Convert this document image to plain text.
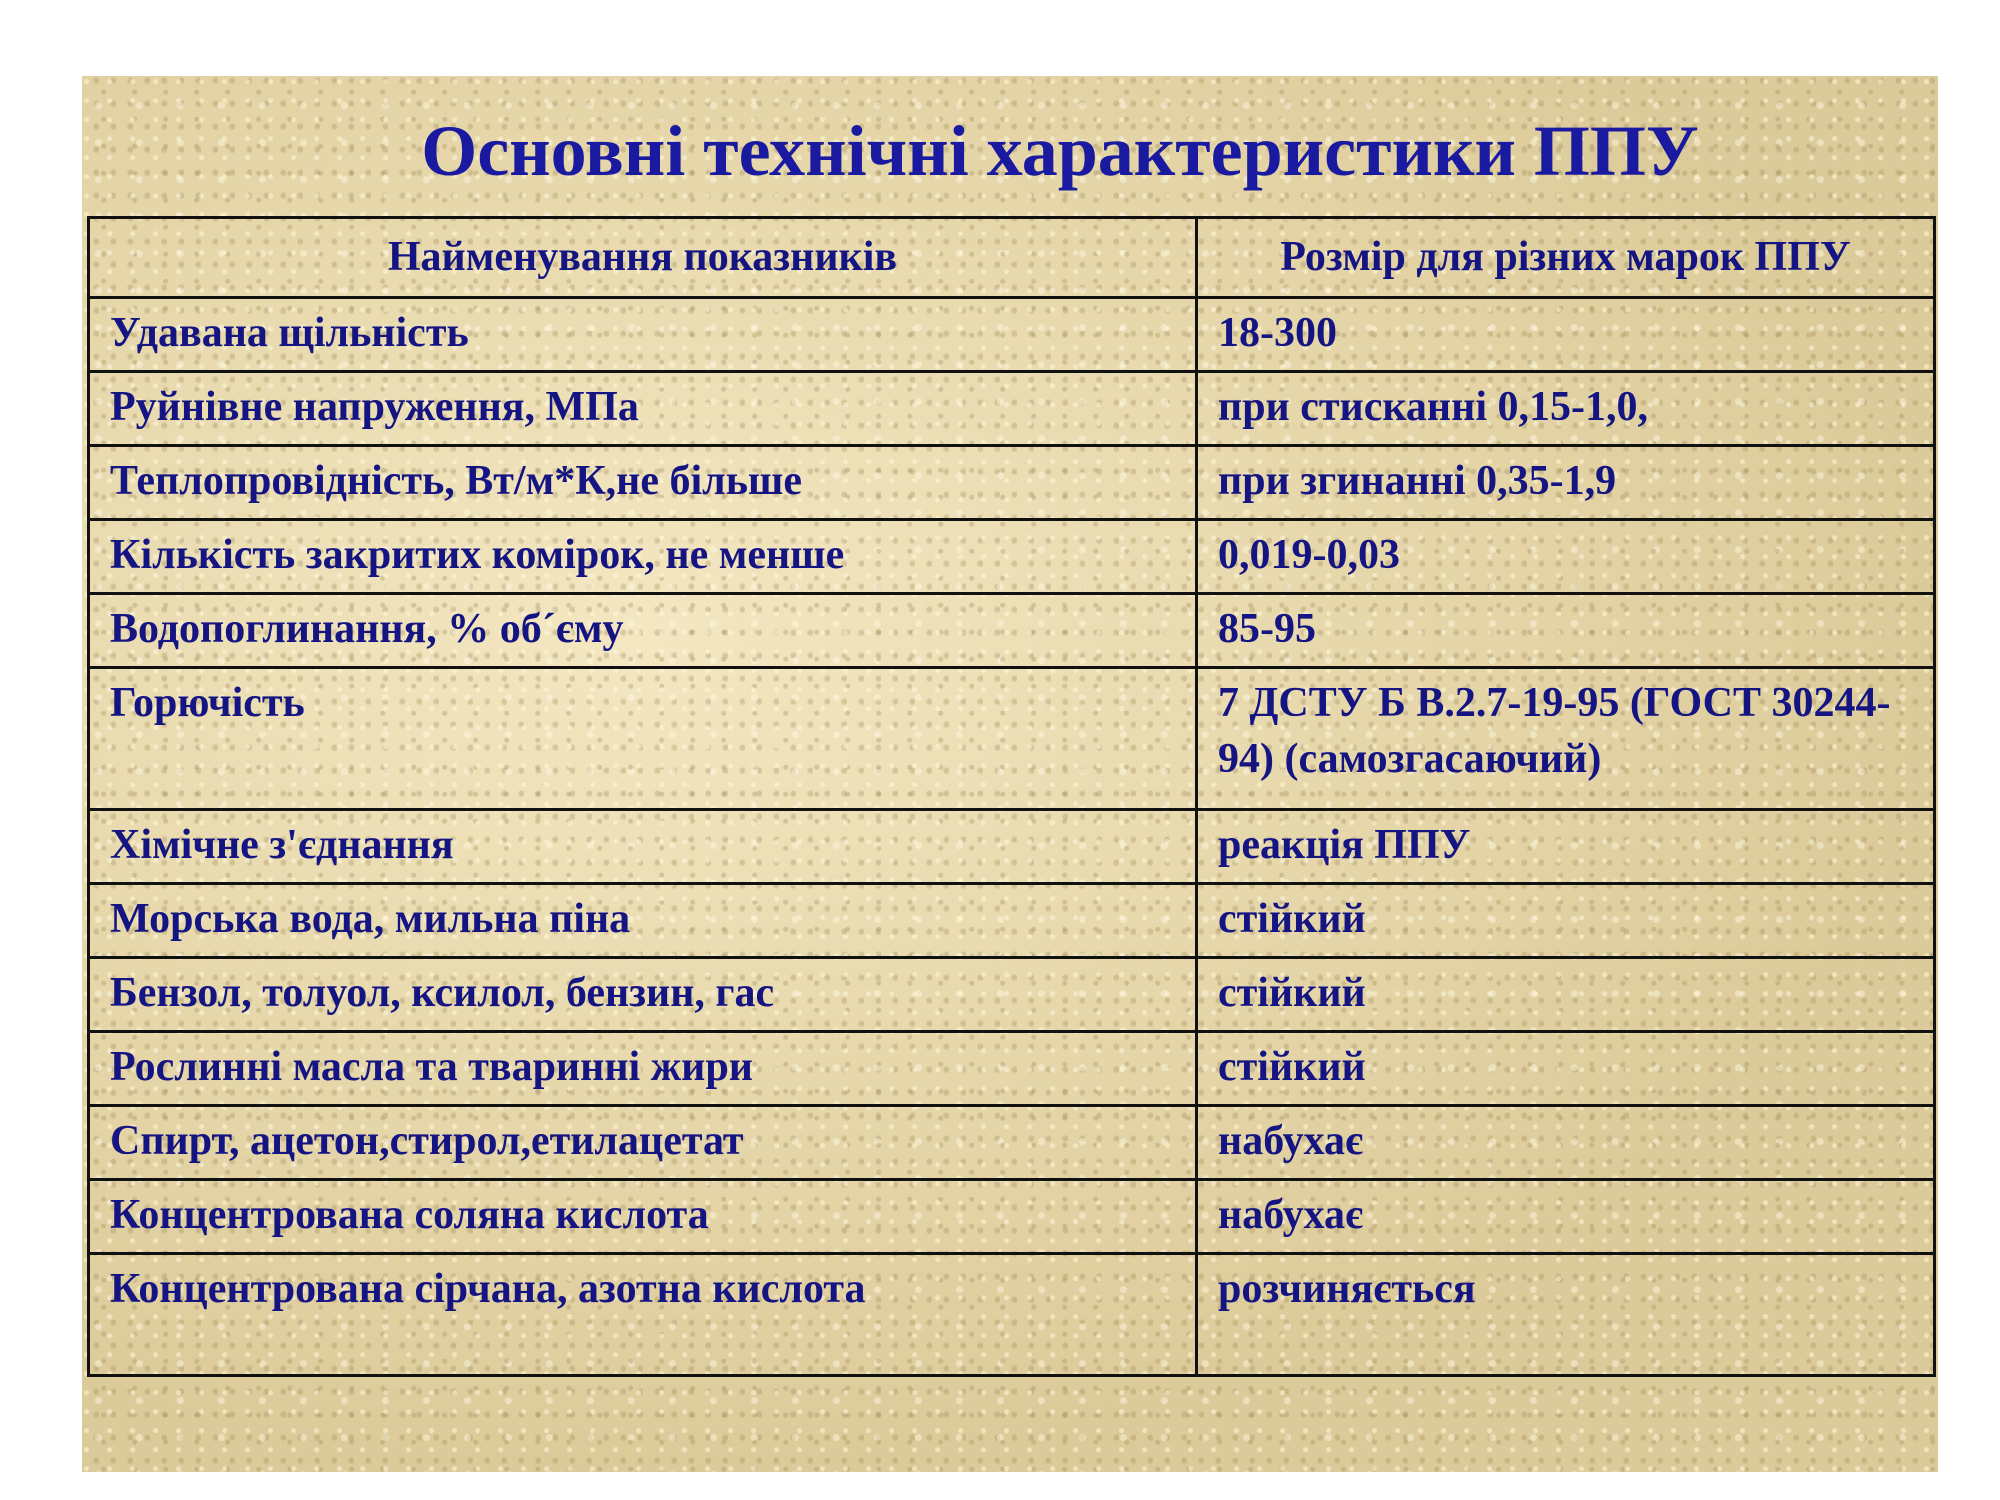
Основні технічні характеристики ППУ
Найменування показників	Розмір для різних марок ППУ
Удавана щільність	18-300
Руйнівне напруження, МПа	при стисканні 0,15-1,0,
Теплопровідність, Вт/м*К,не більше	при згинанні 0,35-1,9
Кількість закритих комірок, не менше	0,019-0,03
Водопоглинання, % об´єму	85-95
Горючість	7 ДСТУ Б В.2.7-19-95 (ГОСТ 30244-94) (самозгасаючий)
Хімічне з'єднання	реакція ППУ
Морська вода, мильна піна	стійкий
Бензол, толуол, ксилол, бензин, гас	стійкий
Рослинні масла та тваринні жири	стійкий
Спирт, ацетон,стирол,етилацетат	набухає
Концентрована соляна кислота	набухає
Концентрована сірчана, азотна кислота	розчиняється
